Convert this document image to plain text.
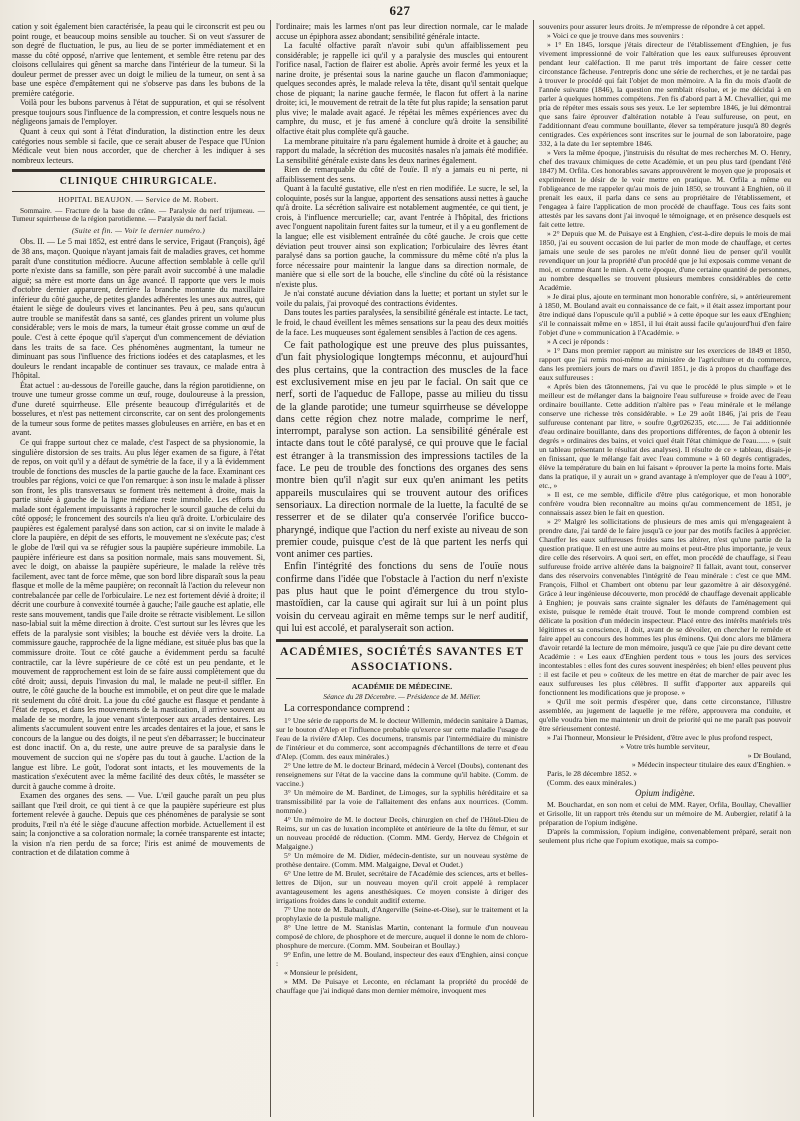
627

cation y soit également bien caractérisée, la peau qui le circonscrit est peu ou point rouge, et beaucoup moins sensible au toucher. Si on veut s'assurer de son degré de fluctuation, le pus, au lieu de se porter immédiatement et en masse du côté opposé, n'arrive que lentement, et semble être retenu par des cloisons cellulaires qui gênent sa marche dans l'intérieur de la tumeur. Si la douleur permet de presser avec un doigt le milieu de la tumeur, on sent à sa base une espèce d'empâtement qui ne s'observe pas dans les bubons de la première catégorie.

Voilà pour les bubons parvenus à l'état de suppuration, et qui se résolvent presque toujours sous l'influence de la compression, et contre lesquels nous ne négligeons jamais de l'employer.

Quant à ceux qui sont à l'état d'induration, la distinction entre les deux catégories nous semble si facile, que ce serait abuser de l'espace que l'Union Médicale veut bien nous accorder, que de chercher à les indiquer à ses nombreux lecteurs.

CLINIQUE CHIRURGICALE.
HOPITAL BEAUJON. — Service de M. Robert.

Sommaire. — Fracture de la base du crâne. — Paralysie du nerf trijumeau. — Tumeur squirrheuse de la région parotidienne. — Paralysie du nerf facial.

(Suite et fin. — Voir le dernier numéro.)

Obs. II. — Le 5 mai 1852, est entré dans le service, Frigaut (François), âgé de 38 ans, maçon. Quoique n'ayant jamais fait de maladies graves, cet homme paraît d'une constitution médiocre. Aucune affection semblable à celle qu'il porte n'existe dans sa famille, son père paraît avoir succombé à une maladie aiguë; sa mère est morte dans un âge avancé. Il rapporte que vers le mois d'octobre dernier apparurent, derrière la branche montante du maxillaire inférieur du côté gauche, de petites glandes adhérentes les unes aux autres, qui étaient le siège de douleurs vives et lancinantes. Peu à peu, sans qu'aucun autre trouble se manifestât dans sa santé, ces glandes prirent un volume plus considérable; vers le mois de mars, la tumeur était grosse comme un œuf de poule. C'est à cette époque qu'il s'aperçut d'un commencement de déviation dans les traits de sa face. Ces phénomènes augmentant, la tumeur ne diminuant pas sous l'influence des frictions iodées et des cataplasmes, et les douleurs le rendant incapable de continuer ses travaux, ce malade entra à l'hôpital.

État actuel : au-dessous de l'oreille gauche, dans la région parotidienne, on trouve une tumeur grosse comme un œuf, rouge, douloureuse à la pression, d'une dureté squirrheuse. Elle présente beaucoup d'irrégularités et de bosselures, et n'est pas nettement circonscrite, car on sent des prolongements de la tumeur sous forme de petites masses globuleuses en arrière, en bas et en avant.

Ce qui frappe surtout chez ce malade, c'est l'aspect de sa physionomie, la singulière distorsion de ses traits. Au plus léger examen de sa figure, à l'état de repos, on voit qu'il y a défaut de symétrie de la face, il y a là évidemment trouble de fonctions des muscles de la partie gauche de la face. Examinant ces troubles par régions, voici ce que l'on remarque: à son insu le malade à plisser son front, les plis transversaux se forment très nettement à droite, mais la partie située à gauche de la ligne médiane reste immobile. Les efforts du malade sont également impuissants à rapprocher le sourcil gauche de celui du côté opposé; le froncement des sourcils n'a lieu qu'à droite. L'orbiculaire des paupières est également paralysé dans son action, car si on invite le malade à clore la paupière, en dépit de ses efforts, le mouvement ne s'exécute pas; c'est le globe de l'œil qui va se réfugier sous la paupière supérieure immobile. La paupière inférieure est dans sa position normale, mais sans mouvement. Si, avec le doigt, on abaisse la paupière supérieure, le malade la relève très facilement, avec tant de force même, que son bord libre disparaît sous la peau flasque et molle de la même paupière; on reconnaît là l'action du releveur non contrebalancée par celle de l'orbiculaire. Le nez est fortement dévié à droite; il décrit une courbure à convexité tournée à gauche; l'aile gauche est aplatie, elle reste sans mouvement, tandis que l'aile droite se rétracte visiblement. Le sillon naso-labial suit la même direction à droite. C'est surtout sur les lèvres que les effets de la paralysie sont visibles; la bouche est déviée vers la droite. La commissure gauche, rapprochée de la ligne médiane, est située plus bas que la commissure droite. Tout ce côté gauche a évidemment perdu sa faculté contractile, car la lèvre supérieure de ce côté est un peu pendante, et le mouvement de rapprochement est loin de se faire aussi complètement que du côté droit; aussi, depuis l'invasion du mal, le malade ne peut-il siffler. En outre, le côté gauche de la bouche est immobile, et on peut dire que le malade rit seulement du côté droit. La joue du côté gauche est flasque et pendante à l'état de repos, et dans les mouvements de la mastication, il arrive souvent au malade de se mordre, la joue venant s'interposer aux arcades dentaires. Les aliments s'accumulent souvent entre les arcades dentaires et la joue, et sans le concours de la langue ou des doigts, il ne peut s'en débarrasser; le buccinateur est donc inactif. On a, du reste, une autre preuve de sa paralysie dans le mouvement de succion qui ne s'opère pas du tout à gauche. L'action de la langue est libre. Le goût, l'odorat sont intacts, et les mouvements de la mastication s'exécutent avec la même facilité des deux côtés, le masséter se durcit à gauche comme à droite.

Examen des organes des sens. — Vue. L'œil gauche paraît un peu plus saillant que l'œil droit, ce qui tient à ce que la paupière supérieure est plus fortement relevée à gauche. Depuis que ces phénomènes de paralysie se sont produits, l'œil n'a été le siège d'aucune affection morbide. Actuellement il est sain; la conjonctive a sa coloration normale; la cornée transparente est intacte; la vision n'a rien perdu de sa force; l'iris est animé de mouvements de contraction et de dilatation comme à

l'ordinaire; mais les larmes n'ont pas leur direction normale, car le malade accuse un épiphora assez abondant; sensibilité générale intacte.

La faculté olfactive paraît n'avoir subi qu'un affaiblissement peu considérable; je rappelle ici qu'il y a paralysie des muscles qui entourent l'orifice nasal, l'action de flairer est abolie. Après avoir fermé les yeux et la narine droite, je présentai sous la narine gauche un flacon d'ammoniaque; quelques secondes après, le malade releva la tête, disant qu'il sentait quelque chose de piquant; la narine gauche fermée, le flacon fut offert à la narine droite; ici, le mouvement de retrait de la tête fut plus rapide; la sensation parut plus vive; le malade avait agacé. Je répétai les mêmes expériences avec du camphre, du musc, et je fus amené à conclure qu'à droite la sensibilité olfactive était plus complète qu'à gauche.

La membrane pituitaire n'a paru également humide à droite et à gauche; au rapport du malade, la sécrétion des mucosités nasales n'a jamais été modifiée. La sensibilité générale existe dans les deux narines également.

Rien de remarquable du côté de l'ouïe. Il n'y a jamais eu ni perte, ni affaiblissement des sens.

Quant à la faculté gustative, elle n'est en rien modifiée. Le sucre, le sel, la coloquinte, posés sur la langue, apportent des sensations aussi nettes à gauche qu'à droite. La sécrétion salivaire est notablement augmentée, ce qui tient, je crois, à l'influence mercurielle; car, avant l'entrée à l'hôpital, des frictions avec l'onguent napolitain furent faites sur la tumeur, et il y a eu gonflement de la langue; elle est visiblement entraînée du côté gauche. Je crois que cette déviation peut trouver ainsi son explication; l'orbiculaire des lèvres étant paralysé dans sa portion gauche, la commissure du même côté n'a plus la force nécessaire pour maintenir la langue dans sa direction normale, de manière que si elle sort de la bouche, elle s'incline du côté où la résistance n'existe plus.

Je n'ai constaté aucune déviation dans la luette; et portant un stylet sur le voile du palais, j'ai provoqué des contractions évidentes.

Dans toutes les parties paralysées, la sensibilité générale est intacte. Le tact, le froid, le chaud éveillent les mêmes sensations sur la peau des deux moitiés de la face. Les muqueuses sont également sensibles à l'action de ces agens.

Ce fait pathologique est une preuve des plus puissantes, d'un fait physiologique longtemps méconnu, et aujourd'hui des plus certains, que la contraction des muscles de la face est exclusivement mise en jeu par le facial. On sait que ce nerf, sorti de l'aqueduc de Fallope, passe au milieu du tissu de la glande parotide; une tumeur squirrheuse se développe dans cette région chez notre malade, comprime le nerf, interrompt, paralyse son action. La sensibilité générale est intacte dans tout le côté paralysé, ce qui prouve que le facial est étranger à la transmission des impressions tactiles de la face. Le peu de trouble des fonctions des organes des sens montre bien qu'il n'agit sur eux qu'en animant les petits appareils musculaires qui se trouvent autour des orifices sensoriaux. La direction normale de la luette, la faculté de se resserrer et de se dilater qu'a conservée l'orifice bucco-pharyngé, indique que l'action du nerf existe au niveau de son premier coude, puisque c'est de là que partent les nerfs qui vont animer ces parties.

Enfin l'intégrité des fonctions du sens de l'ouïe nous confirme dans l'idée que l'obstacle à l'action du nerf n'existe pas plus haut que le point d'émergence du trou stylo-mastoïdien, car la cause qui agirait sur lui à un point plus voisin du cerveau agirait en même temps sur le nerf auditif, qui lui est accolé, et paralyserait son action.

ACADÉMIES, SOCIÉTÉS SAVANTES ET ASSOCIATIONS.
ACADÉMIE DE MÉDECINE.
Séance du 28 Décembre. — Présidence de M. Mélier.

La correspondance comprend :

1° Une série de rapports de M. le docteur Willemin, médecin sanitaire à Damas, sur le bouton d'Alep et l'influence probable qu'exerce sur cette maladie l'usage de l'eau de la rivière d'Alep. Ces documens, transmis par l'intermédiaire du ministre de l'intérieur et du commerce, sont accompagnés d'échantillons de terre et d'eau d'Alep. (Comm. des eaux minérales.)

2° Une lettre de M. le docteur Brinard, médecin à Vercel (Doubs), contenant des renseignemens sur l'état de la vaccine dans la commune qu'il habite. (Comm. de vaccine.)

3° Un mémoire de M. Bardinet, de Limoges, sur la syphilis héréditaire et sa transmissibilité par la voie de l'allaitement des enfans aux nourrices. (Comm. nommée.)

4° Un mémoire de M. le docteur Decès, chirurgien en chef de l'Hôtel-Dieu de Reims, sur un cas de luxation incomplète et antérieure de la tête du fémur, et sur un nouveau procédé de réduction. (Comm. MM. Gerdy, Hervez de Chégoin et Malgaigne.)

5° Un mémoire de M. Didier, médecin-dentiste, sur un nouveau système de prothèse dentaire. (Comm. MM. Malgaigne, Deval et Oudet.)

6° Une lettre de M. Brulet, secrétaire de l'Académie des sciences, arts et belles-lettres de Dijon, sur un nouveau moyen qu'il croit appelé à remplacer avantageusement les agens anesthésiques. Ce moyen consiste à diriger des irrigations froides dans le conduit auditif externe.

7° Une note de M. Babault, d'Angerville (Seine-et-Oise), sur le traitement et la prophylaxie de la pustule maligne.

8° Une lettre de M. Stanislas Martin, contenant la formule d'un nouveau composé de chlore, de phosphore et de mercure, auquel il donne le nom de chloro-phosphure de mercure. (Comm. MM. Soubeiran et Boullay.)

9° Enfin, une lettre de M. Bouland, inspecteur des eaux d'Enghien, ainsi conçue :

« Monsieur le président,

» MM. De Puisaye et Leconte, en réclamant la propriété du procédé de chauffage que j'ai indiqué dans mon dernier mémoire, invoquent mes

souvenirs pour assurer leurs droits. Je m'empresse de répondre à cet appel.

» Voici ce que je trouve dans mes souvenirs :

» 1° En 1845, lorsque j'étais directeur de l'établissement d'Enghien, je fus vivement impressionné de voir l'altération que les eaux sulfureuses éprouvent pendant leur caléfaction. Il me parut très important de faire cesser cette circonstance fâcheuse. J'entrepris donc une série de recherches, et je ne tardai pas à trouver le procédé qui fait l'objet de mon mémoire. A la fin du mois d'août de l'année suivante (1846), la question me semblait résolue, et je me décidai à en parler à quelques hommes compétens. J'en fis d'abord part à M. Chevallier, qui me pria de répéter mes essais sous ses yeux. Le 1er septembre 1846, je lui démontrai que sans faire éprouver d'altération notable à l'eau sulfureuse, on peut, en l'additionnant d'eau commune bouillante, élever sa température jusqu'à 80 degrés centigrades. Ces expériences sont inscrites sur le journal de son laboratoire, page 332, à la date du 1er septembre 1846.

» Vers la même époque, j'instruisis du résultat de mes recherches M. O. Henry, chef des travaux chimiques de cette Académie, et un peu plus tard (pendant l'été 1847) M. Orfila. Ces honorables savans approuvèrent le moyen que je proposais et exprimèrent le désir de le voir mettre en pratique. M. Orfila a même eu l'obligeance de me rappeler qu'au mois de juin 1850, se trouvant à Enghien, où il prenait les eaux, il parla dans ce sens au propriétaire de l'établissement, et l'engagea à faire l'application de mon procédé de chauffage. Tous ces faits sont attestés par les savans dont j'ai invoqué le témoignage, et en présence desquels est fait cette lettre.

» 2° Depuis que M. de Puisaye est à Enghien, c'est-à-dire depuis le mois de mai 1850, j'ai eu souvent occasion de lui parler de mon mode de chauffage, et certes jamais une seule de ses paroles ne m'eût donné lieu de penser qu'il voulût revendiquer un jour la propriété d'un procédé que je lui exposais comme venant de moi, et comme étant le mien. A cette époque, d'une certaine quantité de personnes, au nombre desquelles se trouvent plusieurs membres considérables de cette Académie.

» Je dirai plus, ajoute en terminant mon honorable confrère, si, » antérieurement à 1850, M. Bouland avait eu connaissance de ce fait, » il était assez important pour être indiqué dans l'opuscule qu'il a publié » à cette époque sur les eaux d'Enghien; s'il le connaissait même en » 1851, il lui était aussi facile qu'aujourd'hui d'en faire l'objet d'une » communication à l'Académie. »

» A ceci je réponds :

» 1° Dans mon premier rapport au ministre sur les exercices de 1849 et 1850, rapport que j'ai remis moi-même au ministère de l'agriculture et du commerce, dans les premiers jours de mars ou d'avril 1851, je dis à propos du chauffage des eaux sulfureuses :

« Après bien des tâtonnemens, j'ai vu que le procédé le plus simple » et le meilleur est de mélanger dans la baignoire l'eau sulfureuse » froide avec de l'eau ordinaire bouillante. Cette addition n'altère pas » l'eau minérale et le mélange conserve une richesse très considérable. » Le 29 août 1846, j'ai pris de l'eau sulfureuse contenant par litre, » soufre 0,gr026235, etc....... Je l'ai additionnée d'eau ordinaire bouillante, dans des proportions différentes, de façon à obtenir les degrés » ordinaires des bains, et voici quel était l'état chimique de l'eau....... » (suit un tableau présentant le résultat des analyses). Il résulte de ce » tableau, disais-je en finissant, que le mélange fait avec l'eau commune » à 60 degrés centigrades, élève la température du bain en lui faisant » éprouver la perte la moins forte. Mais dans la pratique, il y aurait un » grand avantage à n'employer que de l'eau à 100°, etc., »

» Il est, ce me semble, difficile d'être plus catégorique, et mon honorable confrère voudra bien reconnaître au moins qu'au commencement de 1851, je connaissais assez bien le fait en question.

» 2° Malgré les sollicitations de plusieurs de mes amis qui m'engageaient à prendre date, j'ai tardé de le faire jusqu'à ce jour par des motifs faciles à apprécier. Chauffer les eaux sulfureuses froides sans les altérer, n'est qu'une partie de la question pratique. Il en est une autre au moins et peut-être plus importante, je veux dire celle des réservoirs. A quoi sert, en effet, mon procédé de chauffage, si l'eau sulfureuse froide arrive altérée dans la baignoire? Il fallait, avant tout, conserver dans des réservoirs convenables l'intégrité de l'eau minérale : c'est ce que MM. François, Filhol et Chambert ont obtenu par leur gazomètre à air désoxygéné. Grâce à leur ingénieuse découverte, mon procédé de chauffage devenait applicable à Enghien; je pouvais sans crainte signaler les défauts de l'aménagement qui existe, puisque le remède était trouvé. Tout le monde comprend combien est délicate la position d'un médecin inspecteur. Placé entre des intérêts matériels très légitimes et sa conscience, il doit, avant de se dévoiler, en chercher le remède et faire appel au concours des hommes les plus éminens. Qui donc alors me blâmera d'avoir retardé la lecture de mon mémoire, jusqu'à ce que j'aie pu dire devant cette Académie : « Les eaux d'Enghien perdent tous » tous les jours des services incontestables : elles font des cures souvent inespérées; eh bien! elles peuvent plus : il est facile et peu » coûteux de les mettre en état de marcher de pair avec les eaux sulfureuses les plus célèbres. Il suffit d'apporter aux appareils qui fonctionnent les modifications que je propose. »

» Qu'il me soit permis d'espérer que, dans cette circonstance, l'illustre assemblée, au jugement de laquelle je me réfère, approuvera ma conduite, et qu'elle voudra bien me maintenir un droit de priorité qui ne me paraît pas pouvoir être sérieusement contesté.

» J'ai l'honneur, Monsieur le Président, d'être avec le plus profond respect,

» Votre très humble serviteur,

» Dr Bouland,

» Médecin inspecteur titulaire des eaux d'Enghien. »

Paris, le 28 décembre 1852. »

(Comm. des eaux minérales.)

Opium indigène.

M. Bouchardat, en son nom et celui de MM. Rayer, Orfila, Boullay, Chevallier et Grisolle, lit un rapport très étendu sur un mémoire de M. Aubergier, relatif à la préparation de l'opium indigène.

D'après la commission, l'opium indigène, convenablement préparé, serait non seulement plus riche que l'opium exotique, mais sa compo-
